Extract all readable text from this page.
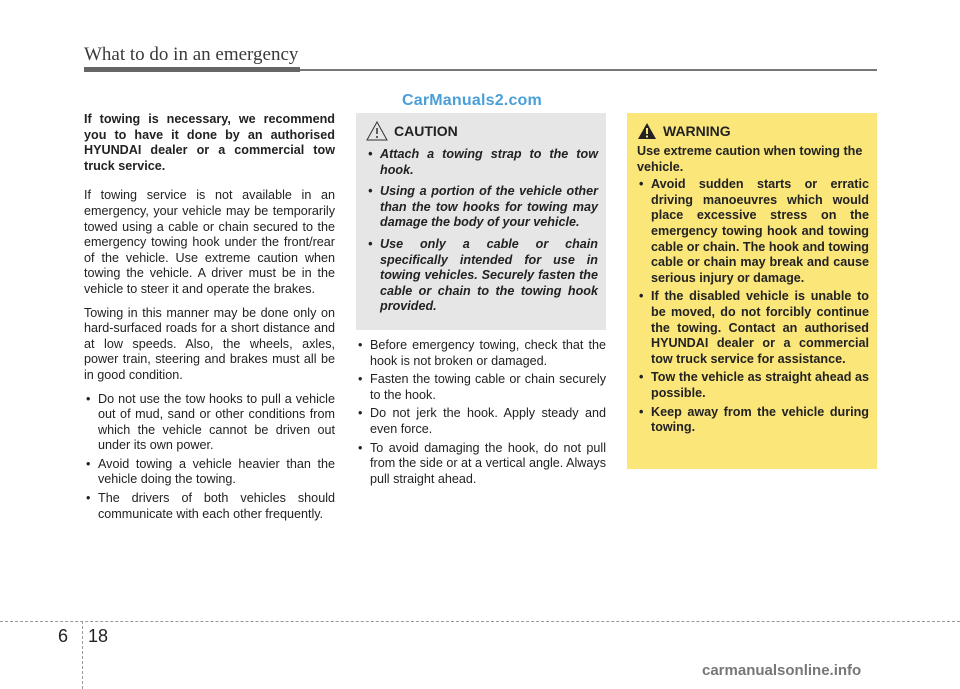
What to do in an emergency
CarManuals2.com

If towing is necessary, we recommend you to have it done by an authorised HYUNDAI dealer or a commercial tow truck service.

If towing service is not available in an emergency, your vehicle may be temporarily towed using a cable or chain secured to the emergency towing hook under the front/rear of the vehicle. Use extreme caution when towing the vehicle. A driver must be in the vehicle to steer it and operate the brakes.

Towing in this manner may be done only on hard-surfaced roads for a short distance and at low speeds. Also, the wheels, axles, power train, steering and brakes must all be in good condition.

• Do not use the tow hooks to pull a vehicle out of mud, sand or other conditions from which the vehicle cannot be driven out under its own power.
• Avoid towing a vehicle heavier than the vehicle doing the towing.
• The drivers of both vehicles should communicate with each other frequently.
CAUTION
• Attach a towing strap to the tow hook.
• Using a portion of the vehicle other than the tow hooks for towing may damage the body of your vehicle.
• Use only a cable or chain specifically intended for use in towing vehicles. Securely fasten the cable or chain to the towing hook provided.
• Before emergency towing, check that the hook is not broken or damaged.
• Fasten the towing cable or chain securely to the hook.
• Do not jerk the hook. Apply steady and even force.
• To avoid damaging the hook, do not pull from the side or at a vertical angle. Always pull straight ahead.
WARNING

Use extreme caution when towing the vehicle.

• Avoid sudden starts or erratic driving manoeuvres which would place excessive stress on the emergency towing hook and towing cable or chain. The hook and towing cable or chain may break and cause serious injury or damage.
• If the disabled vehicle is unable to be moved, do not forcibly continue the towing. Contact an authorised HYUNDAI dealer or a commercial tow truck service for assistance.
• Tow the vehicle as straight ahead as possible.
• Keep away from the vehicle during towing.
6 18
carmanualsonline.info
